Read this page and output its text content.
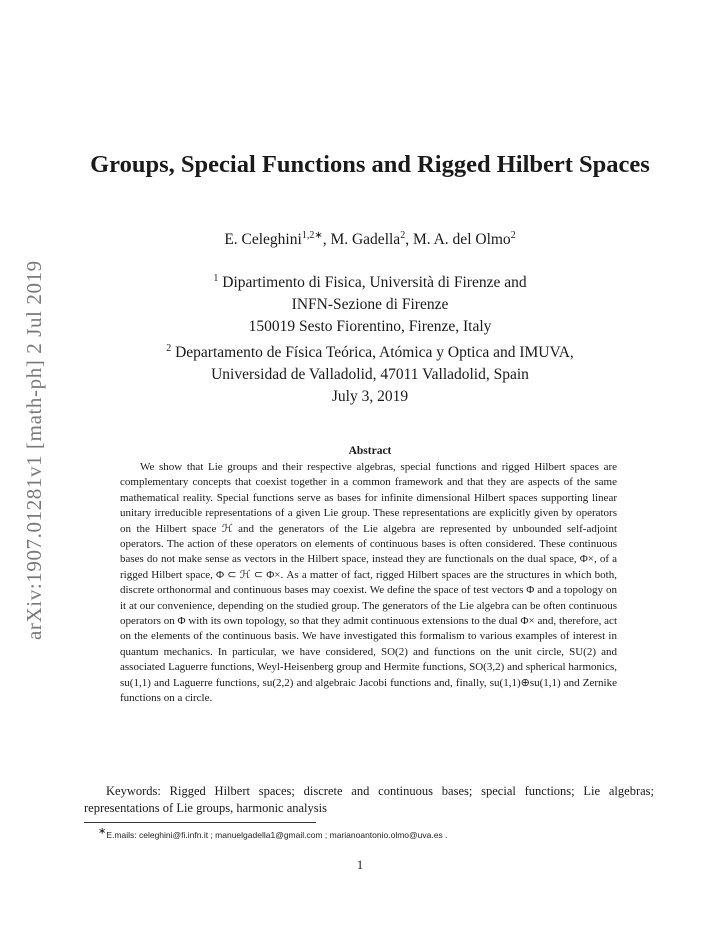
arXiv:1907.01281v1 [math-ph] 2 Jul 2019
Groups, Special Functions and Rigged Hilbert Spaces
E. Celeghini$^{1,2∗}$, M. Gadella$^2$, M. A. del Olmo$^2$
$^1$ Dipartimento di Fisica, Università di Firenze and
INFN-Sezione di Firenze
150019 Sesto Fiorentino, Firenze, Italy
$^2$ Departamento de Física Teórica, Atómica y Optica and IMUVA,
Universidad de Valladolid, 47011 Valladolid, Spain
July 3, 2019
Abstract
We show that Lie groups and their respective algebras, special functions and rigged Hilbert spaces are complementary concepts that coexist together in a common framework and that they are aspects of the same mathematical reality. Special functions serve as bases for infinite dimensional Hilbert spaces supporting linear unitary irreducible representations of a given Lie group. These representations are explicitly given by operators on the Hilbert space ℋ and the generators of the Lie algebra are represented by unbounded self-adjoint operators. The action of these operators on elements of continuous bases is often considered. These continuous bases do not make sense as vectors in the Hilbert space, instead they are functionals on the dual space, Φ×, of a rigged Hilbert space, Φ ⊂ ℋ ⊂ Φ×. As a matter of fact, rigged Hilbert spaces are the structures in which both, discrete orthonormal and continuous bases may coexist. We define the space of test vectors Φ and a topology on it at our convenience, depending on the studied group. The generators of the Lie algebra can be often continuous operators on Φ with its own topology, so that they admit continuous extensions to the dual Φ× and, therefore, act on the elements of the continuous basis. We have investigated this formalism to various examples of interest in quantum mechanics. In particular, we have considered, SO(2) and functions on the unit circle, SU(2) and associated Laguerre functions, Weyl-Heisenberg group and Hermite functions, SO(3,2) and spherical harmonics, su(1,1) and Laguerre functions, su(2,2) and algebraic Jacobi functions and, finally, su(1,1)⊕su(1,1) and Zernike functions on a circle.
Keywords: Rigged Hilbert spaces; discrete and continuous bases; special functions; Lie algebras; representations of Lie groups, harmonic analysis
∗E.mails: celeghini@fi.infn.it ; manuelgadella1@gmail.com ; marianoantonio.olmo@uva.es .
1
